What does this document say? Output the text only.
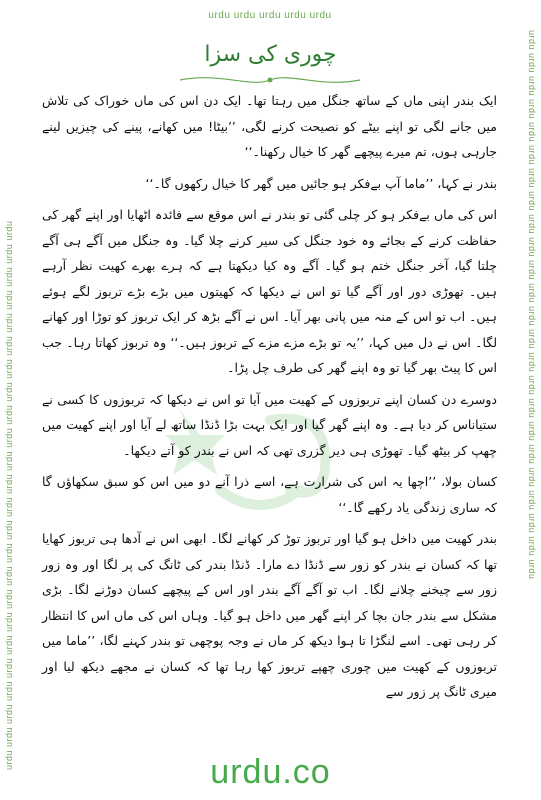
urdu urdu urdu urdu urdu
urdu urdu urdu urdu urdu urdu urdu urdu urdu urdu urdu urdu urdu urdu urdu urdu urdu urdu urdu urdu urdu urdu urdu urdu	urdu urdu urdu urdu urdu urdu urdu urdu urdu urdu urdu urdu urdu urdu urdu urdu urdu urdu urdu urdu urdu urdu urdu urdu
چوری کی سزا

ایک بندر اپنی ماں کے ساتھ جنگل میں رہتا تھا۔ ایک دن اس کی ماں خوراک کی تلاش میں جانے لگی تو اپنے بیٹے کو نصیحت کرنے لگی، ’’بیٹا! میں کھانے، پینے کی چیزیں لینے جارہی ہوں، تم میرے پیچھے گھر کا خیال رکھنا۔‘‘

بندر نے کہا، ’’ماما آپ بےفکر ہو جائیں میں گھر کا خیال رکھوں گا۔‘‘

اس کی ماں بےفکر ہو کر چلی گئی تو بندر نے اس موقع سے فائدہ اٹھایا اور اپنے گھر کی حفاظت کرنے کے بجائے وہ خود جنگل کی سیر کرنے چلا گیا۔ وہ جنگل میں آگے ہی آگے چلتا گیا، آخر جنگل ختم ہو گیا۔ آگے وہ کیا دیکھتا ہے کہ ہرے بھرے کھیت نظر آرہے ہیں۔ تھوڑی دور اور آگے گیا تو اس نے دیکھا کہ کھیتوں میں بڑے بڑے تربوز لگے ہوئے ہیں۔ اب تو اس کے منہ میں پانی بھر آیا۔ اس نے آگے بڑھ کر ایک تربوز کو توڑا اور کھانے لگا۔ اس نے دل میں کہا، ’’یہ تو بڑے مزے مزے کے تربوز ہیں۔‘‘ وہ تربوز کھاتا رہا۔ جب اس کا پیٹ بھر گیا تو وہ اپنے گھر کی طرف چل پڑا۔

دوسرے دن کسان اپنے تربوزوں کے کھیت میں آیا تو اس نے دیکھا کہ تربوزوں کا کسی نے ستیاناس کر دیا ہے۔ وہ اپنے گھر گیا اور ایک بہت بڑا ڈنڈا ساتھ لے آیا اور اپنے کھیت میں چھپ کر بیٹھ گیا۔ تھوڑی ہی دیر گزری تھی کہ اس نے بندر کو آتے دیکھا۔

کسان بولا، ’’اچھا یہ اس کی شرارت ہے، اسے ذرا آنے دو میں اس کو سبق سکھاؤں گا کہ ساری زندگی یاد رکھے گا۔‘‘

بندر کھیت میں داخل ہو گیا اور تربوز توڑ کر کھانے لگا۔ ابھی اس نے آدھا ہی تربوز کھایا تھا کہ کسان نے بندر کو زور سے ڈنڈا دے مارا۔ ڈنڈا بندر کی ٹانگ کی پر لگا اور وہ زور زور سے چیخنے چلانے لگا۔ اب تو آگے آگے بندر اور اس کے پیچھے کسان دوڑنے لگا۔ بڑی مشکل سے بندر جان بچا کر اپنے گھر میں داخل ہو گیا۔ وہاں اس کی ماں اس کا انتظار کر رہی تھی۔ اسے لنگڑا تا ہوا دیکھ کر ماں نے وجہ پوچھی تو بندر کہنے لگا، ’’ماما میں تربوزوں کے کھیت میں چوری چھپے تربوز کھا رہا تھا کہ کسان نے مجھے دیکھ لیا اور میری ٹانگ پر زور سے

urdu.co
